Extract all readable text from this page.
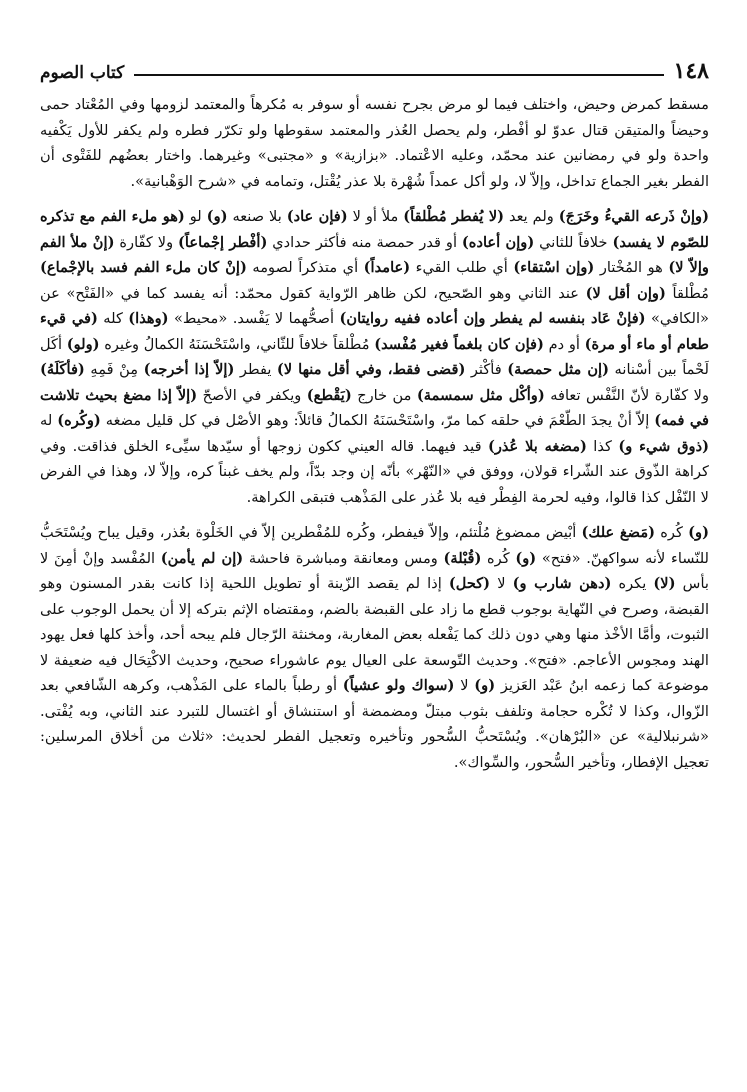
١٤٨
كتاب الصوم

مسقط كمرض وحيض، واختلف فيما لو مرض بجرح نفسه أو سوفر به مُكرهاً والمعتمد لزومها وفي المُعْتاد حمى وحيضاً والمتيقن قتال عدوّ لو أفْطر، ولم يحصل العُذر والمعتمد سقوطها ولو تكرّر فطره ولم يكفر للأول يَكْفيه واحدة ولو في رمضانين عند محمّد، وعليه الاعْتماد. «بزازية» و «مجتبى» وغيرهما. واختار بعضُهم للفَتْوى أن الفطر بغير الجماع تداخل، وإلاّ لا، ولو أكل عمداً شُهْرة بلا عذر يُقْتل، وتمامه في «شرح الوَهْبانية».

(وإنْ ذَرعه القيءُ وخَرَجَ) ولم يعد (لا يُفطر مُطْلقاً) ملأ أو لا (فإن عاد) بلا صنعه (و) لو (هو ملء الفم مع تذكره للصّوم لا يفسد) خلافاً للثاني (وإن أعاده) أو قدر حمصة منه فأكثر حدادي (أفْطر إجْماعاً) ولا كفّارة (إنْ ملأ الفم وإلاّ لا) هو المُخْتار (وإن اسْتقاء) أي طلب القيء (عامداً) أي متذكراً لصومه (إنْ كان ملء الفم فسد بالإجْماع) مُطْلقاً (وإن أقل لا) عند الثاني وهو الصّحيح، لكن ظاهر الرّواية كقول محمّد: أنه يفسد كما في «الفَتْح» عن «الكافي» (فإنْ عَاد بنفسه لم يفطر وإن أعاده ففيه روايتان) أصحُّهما لا يَفْسد. «محيط» (وهذا) كله (في قيء طعام أو ماء أو مرة) أو دم (فإن كان بلغماً فغير مُفْسد) مُطْلقاً خلافاً للثّاني، واسْتَحْسَنَهُ الكمالُ وغيره (ولو) أكَل لَحْماً بين أسْنانه (إن مثل حمصة) فأكْثر (قضى فقط، وفي أقل منها لا) يفطر (إلاّ إذا أخرجه) مِنْ فَمِهِ (فأكَلَهُ) ولا كفّارة لأنّ النَّفْس تعافه (وأكْل مثل سمسمة) من خارج (يَقْطع) ويكفر في الأصحّ (إلاّ إذا مضغ بحيث تلاشت في فمه) إلاّ أنْ يجدَ الطّعْمَ في حلقه كما مرّ، واسْتَحْسَنَهُ الكمالُ قائلاً: وهو الأصْل في كل قليل مضغه (وكُره) له (ذوق شيء و) كذا (مضغه بلا عُذر) قيد فيهما. قاله العيني ككون زوجها أو سيّدها سيِّىء الخلق فذاقت. وفي كراهة الذّوق عند الشّراء قولان، ووفق في «النّهْر» بأنّه إن وجد بدّاً، ولم يخف غبناً كره، وإلاّ لا، وهذا في الفرض لا النّفْل كذا قالوا، وفيه لحرمة الفِطْر فيه بلا عُذر على المَذْهب فتبقى الكراهة.

(و) كُره (مَضغ علك) أبْيض ممضوغ مُلْتئم، وإلاّ فيفطر، وكُره للمُفْطرين إلاّ في الخَلْوة بعُذر، وقيل يباح ويُسْتَحَبُّ للنّساء لأنه سواكهنّ. «فتح» (و) كُره (قُبْلة) ومس ومعانقة ومباشرة فاحشة (إن لم يأمن) المُفْسد وإنْ أمِنَ لا بأس (لا) يكره (دهن شارب و) لا (كحل) إذا لم يقصد الزّينة أو تطويل اللحية إذا كانت بقدر المسنون وهو القبضة، وصرح في النّهاية بوجوب قطع ما زاد على القبضة بالضم، ومقتضاه الإثم بتركه إلا أن يحمل الوجوب على الثبوت، وأمَّا الأخْذ منها وهي دون ذلك كما يَفْعله بعض المغاربة، ومخنثة الرّجال فلم يبحه أحد، وأخذ كلها فعل يهود الهند ومجوس الأعاجم. «فتح». وحديث التّوسعة على العيال يوم عاشوراء صحيح، وحديث الاكْتِحَال فيه ضعيفة لا موضوعة كما زعمه ابنُ عَبْد العَزيز (و) لا (سواك ولو عشياً) أو رطباً بالماء على المَذْهب، وكرهه الشّافعي بعد الزّوال، وكذا لا تُكْره حجامة وتلفف بثوب مبتلّ ومضمضة أو استنشاق أو اغتسال للتبرد عند الثاني، وبه يُفْتى. «شرنبلالية» عن «البُرْهان». ويُسْتَحبُّ السُّحور وتأخيره وتعجيل الفطر لحديث: «ثلاث من أخلاق المرسلين: تعجيل الإفطار، وتأخير السُّحور، والسِّواك».
